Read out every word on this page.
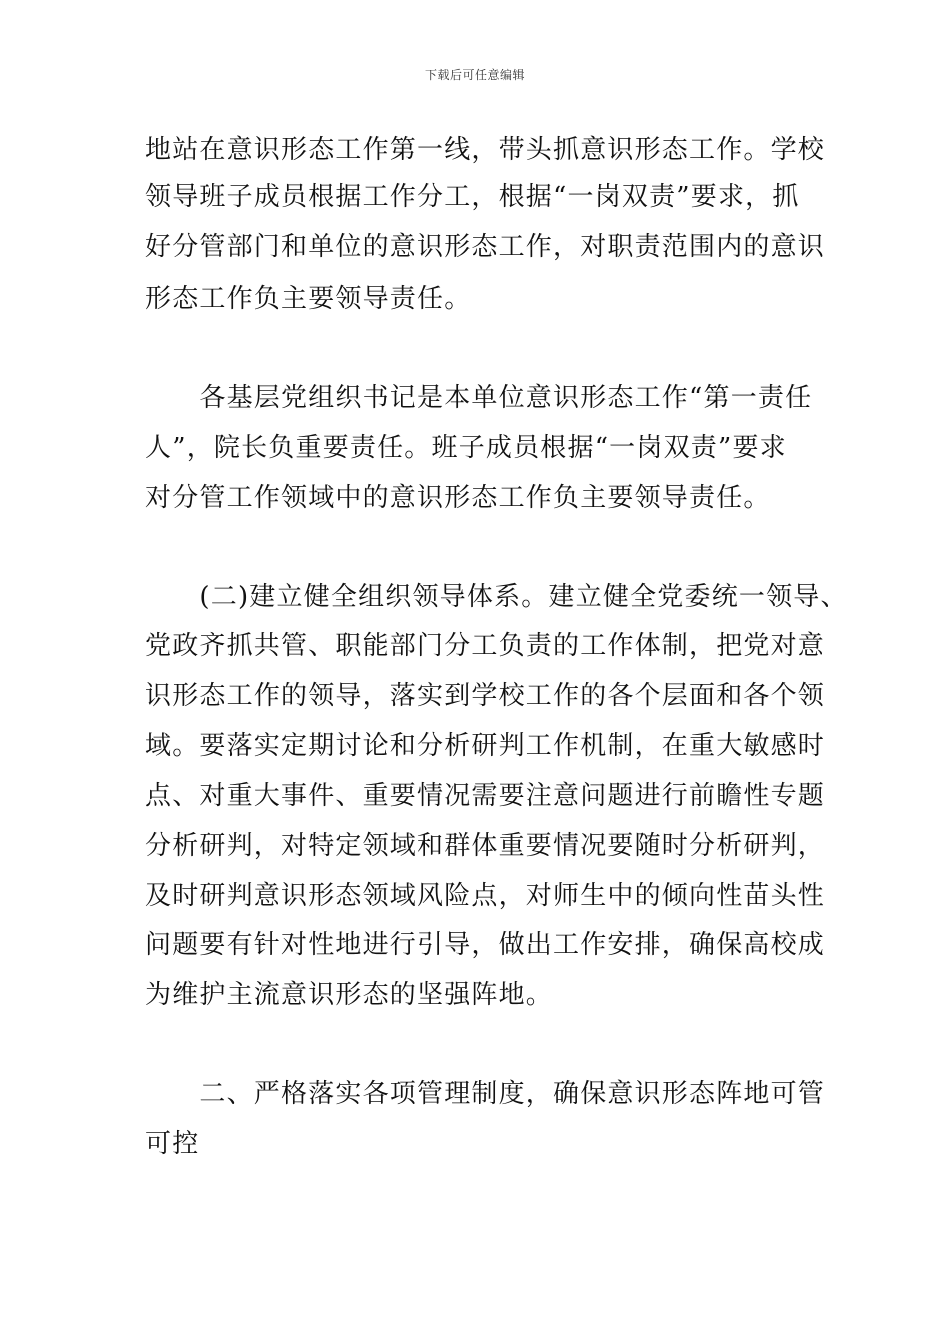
下载后可任意编辑
地站在意识形态工作第一线，带头抓意识形态工作。学校
领导班子成员根据工作分工，根据“一岗双责”要求，抓
好分管部门和单位的意识形态工作，对职责范围内的意识
形态工作负主要领导责任。
　　各基层党组织书记是本单位意识形态工作“第一责任
人”，院长负重要责任。班子成员根据“一岗双责”要求
对分管工作领域中的意识形态工作负主要领导责任。
　　(二)建立健全组织领导体系。建立健全党委统一领导、
党政齐抓共管、职能部门分工负责的工作体制，把党对意
识形态工作的领导，落实到学校工作的各个层面和各个领
域。要落实定期讨论和分析研判工作机制，在重大敏感时
点、对重大事件、重要情况需要注意问题进行前瞻性专题
分析研判，对特定领域和群体重要情况要随时分析研判，
及时研判意识形态领域风险点，对师生中的倾向性苗头性
问题要有针对性地进行引导，做出工作安排，确保高校成
为维护主流意识形态的坚强阵地。
　　二、严格落实各项管理制度，确保意识形态阵地可管
可控
